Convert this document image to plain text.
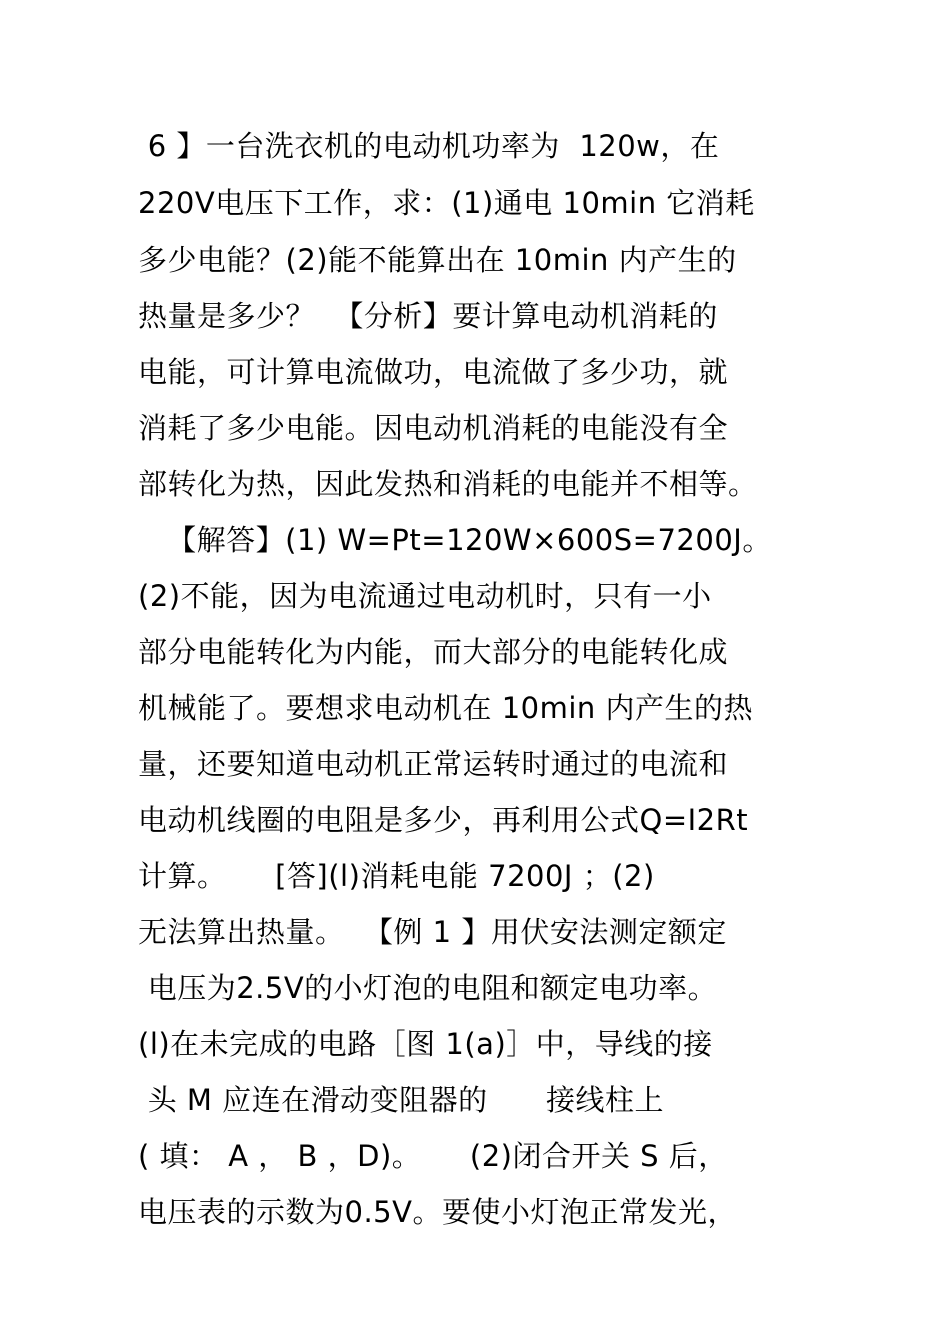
6 】一台洗衣机的电动机功率为  120w，在
220V电压下工作，求：(1)通电 10min 它消耗
多少电能？(2)能不能算出在 10min 内产生的
热量是多少？  【分析】要计算电动机消耗的
电能，可计算电流做功，电流做了多少功，就
消耗了多少电能。因电动机消耗的电能没有全
部转化为热，因此发热和消耗的电能并不相等。
【解答】(1) W=Pt=120W×600S=7200J。
(2)不能，因为电流通过电动机时，只有一小
部分电能转化为内能，而大部分的电能转化成
机械能了。要想求电动机在 10min 内产生的热
量，还要知道电动机正常运转时通过的电流和
电动机线圈的电阻是多少，再利用公式Q=I2Rt
计算。     [答](l)消耗电能 7200J ；(2)
无法算出热量。  【例 1 】用伏安法测定额定
电压为2.5V的小灯泡的电阻和额定电功率。
(l)在未完成的电路［图 1(a)］中，导线的接
头 M 应连在滑动变阻器的      接线柱上
( 填： A ， B ，D)。     (2)闭合开关 S 后，
电压表的示数为0.5V。要使小灯泡正常发光，
